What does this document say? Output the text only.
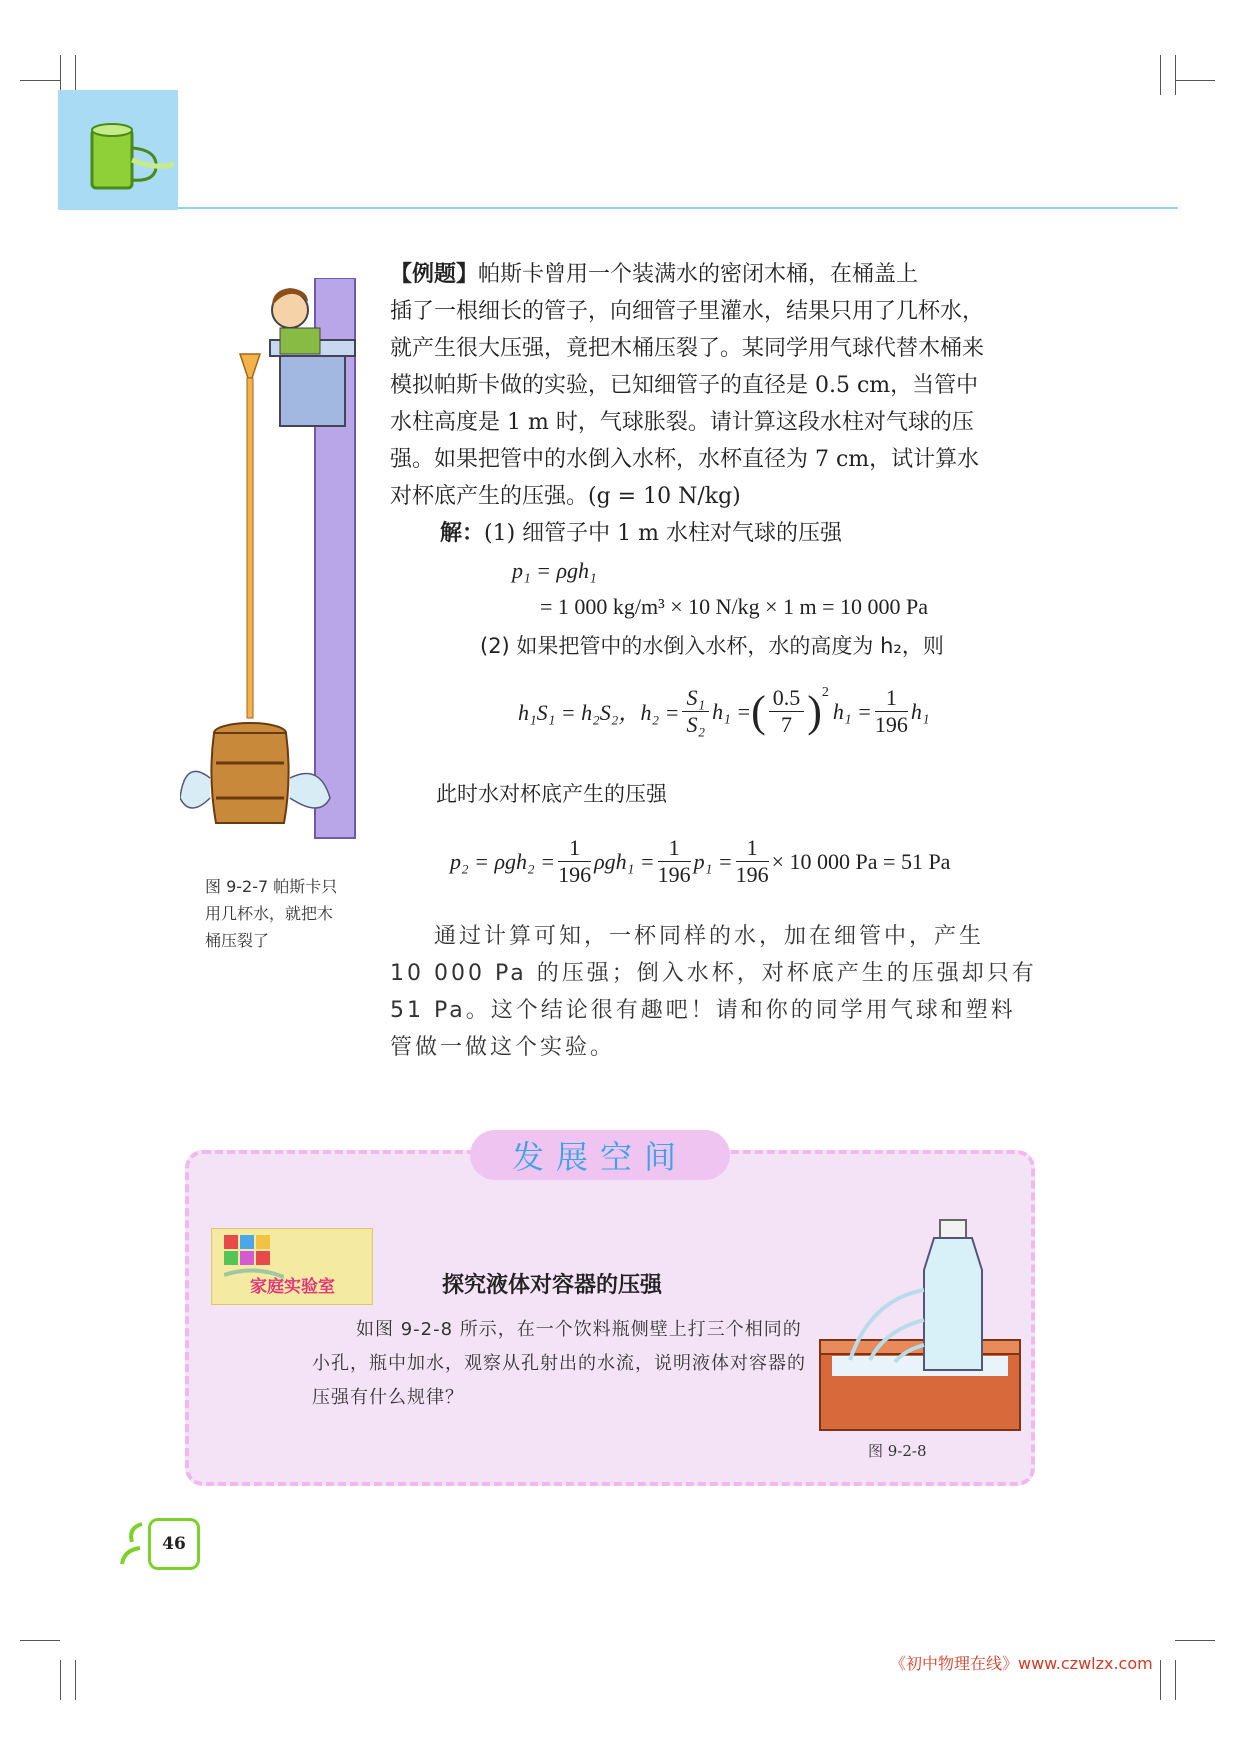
图 9-2-7 帕斯卡只
用几杯水，就把木
桶压裂了

【例题】帕斯卡曾用一个装满水的密闭木桶，在桶盖上

插了一根细长的管子，向细管子里灌水，结果只用了几杯水，

就产生很大压强，竟把木桶压裂了。某同学用气球代替木桶来

模拟帕斯卡做的实验，已知细管子的直径是 0.5 cm，当管中

水柱高度是 1 m 时，气球胀裂。请计算这段水柱对气球的压

强。如果把管中的水倒入水杯，水杯直径为 7 cm，试计算水

对杯底产生的压强。(g = 10 N/kg)

解：(1) 细管子中 1 m 水柱对气球的压强

p₁ = ρgh₁
= 1 000 kg/m³ × 10 N/kg × 1 m = 10 000 Pa
(2) 如果把管中的水倒入水杯，水的高度为 h₂，则
h₁S₁ = h₂S₂，$h_2 = \frac{\text{S₁}}{\text{S₂}} h_1$ = ( $\frac{0.5}{7} )^2$
$h_1 = \frac{1}{196} h_1$
此时水对杯底产生的压强
$p_2 = \rho gh_2 = \frac{1}{196} \rho gh_1 = \frac{1}{196} p_1 = \frac{1}{196} \times 10$ 000 Pa = 51 Pa
通过计算可知，一杯同样的水，加在细管中，产生
10 000 Pa 的压强；倒入水杯，对杯底产生的压强却只有
51 Pa。这个结论很有趣吧！请和你的同学用气球和塑料
管做一做这个实验。
发展空间
家庭实验室	探究液体对容器的压强
如图 9-2-8 所示，在一个饮料瓶侧壁上打三个相同的小孔，瓶中加水，观察从孔射出的水流，说明液体对容器的压强有什么规律？
图 9-2-8
46
《初中物理在线》www.czwlzx.com
